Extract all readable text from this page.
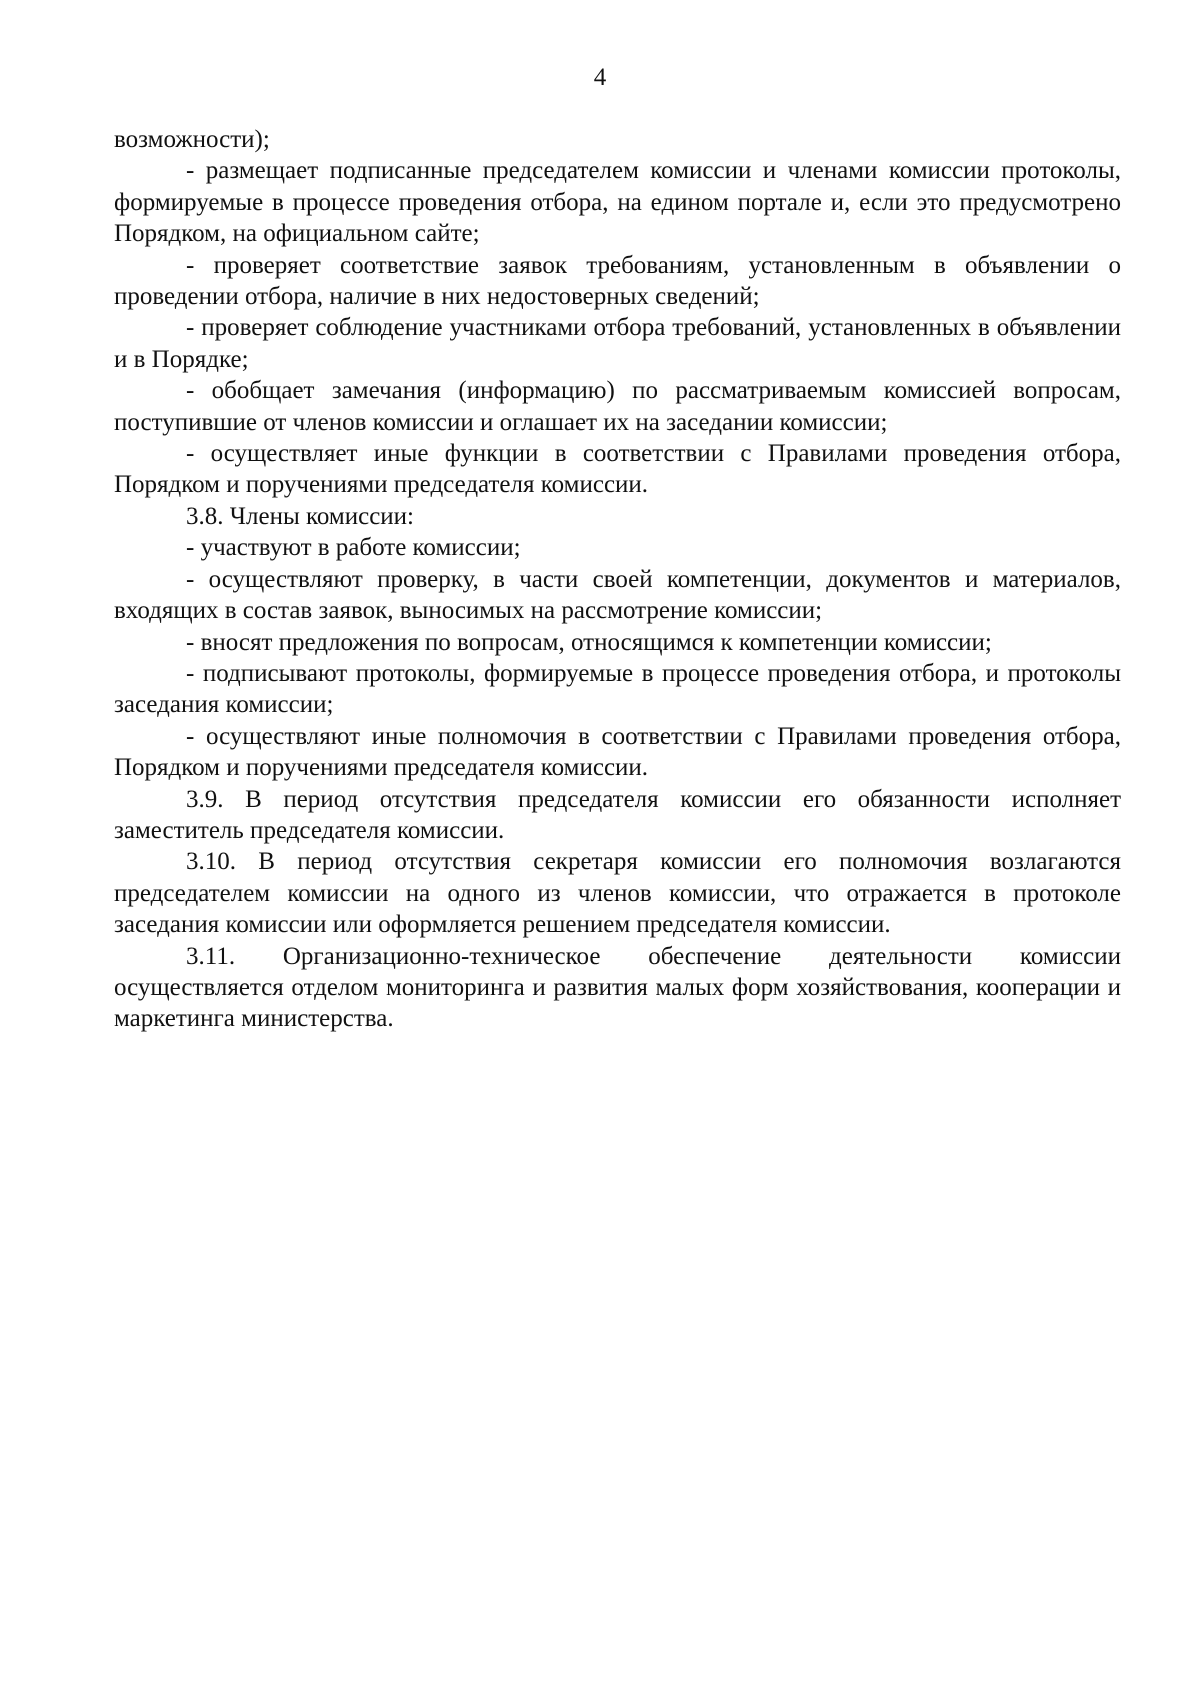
4

возможности);

- размещает подписанные председателем комиссии и членами комиссии протоколы, формируемые в процессе проведения отбора, на едином портале и, если это предусмотрено Порядком, на официальном сайте;

- проверяет соответствие заявок требованиям, установленным в объявлении о проведении отбора, наличие в них недостоверных сведений;

- проверяет соблюдение участниками отбора требований, установленных в объявлении и в Порядке;

- обобщает замечания (информацию) по рассматриваемым комиссией вопросам, поступившие от членов комиссии и оглашает их на заседании комиссии;

- осуществляет иные функции в соответствии с Правилами проведения отбора, Порядком и поручениями председателя комиссии.

3.8. Члены комиссии:

- участвуют в работе комиссии;

- осуществляют проверку, в части своей компетенции, документов и материалов, входящих в состав заявок, выносимых на рассмотрение комиссии;

- вносят предложения по вопросам, относящимся к компетенции комиссии;

- подписывают протоколы, формируемые в процессе проведения отбора, и протоколы заседания комиссии;

- осуществляют иные полномочия в соответствии с Правилами проведения отбора, Порядком и поручениями председателя комиссии.

3.9. В период отсутствия председателя комиссии его обязанности исполняет заместитель председателя комиссии.

3.10. В период отсутствия секретаря комиссии его полномочия возлагаются председателем комиссии на одного из членов комиссии, что отражается в протоколе заседания комиссии или оформляется решением председателя комиссии.

3.11. Организационно-техническое обеспечение деятельности комиссии осуществляется отделом мониторинга и развития малых форм хозяйствования, кооперации и маркетинга министерства.
